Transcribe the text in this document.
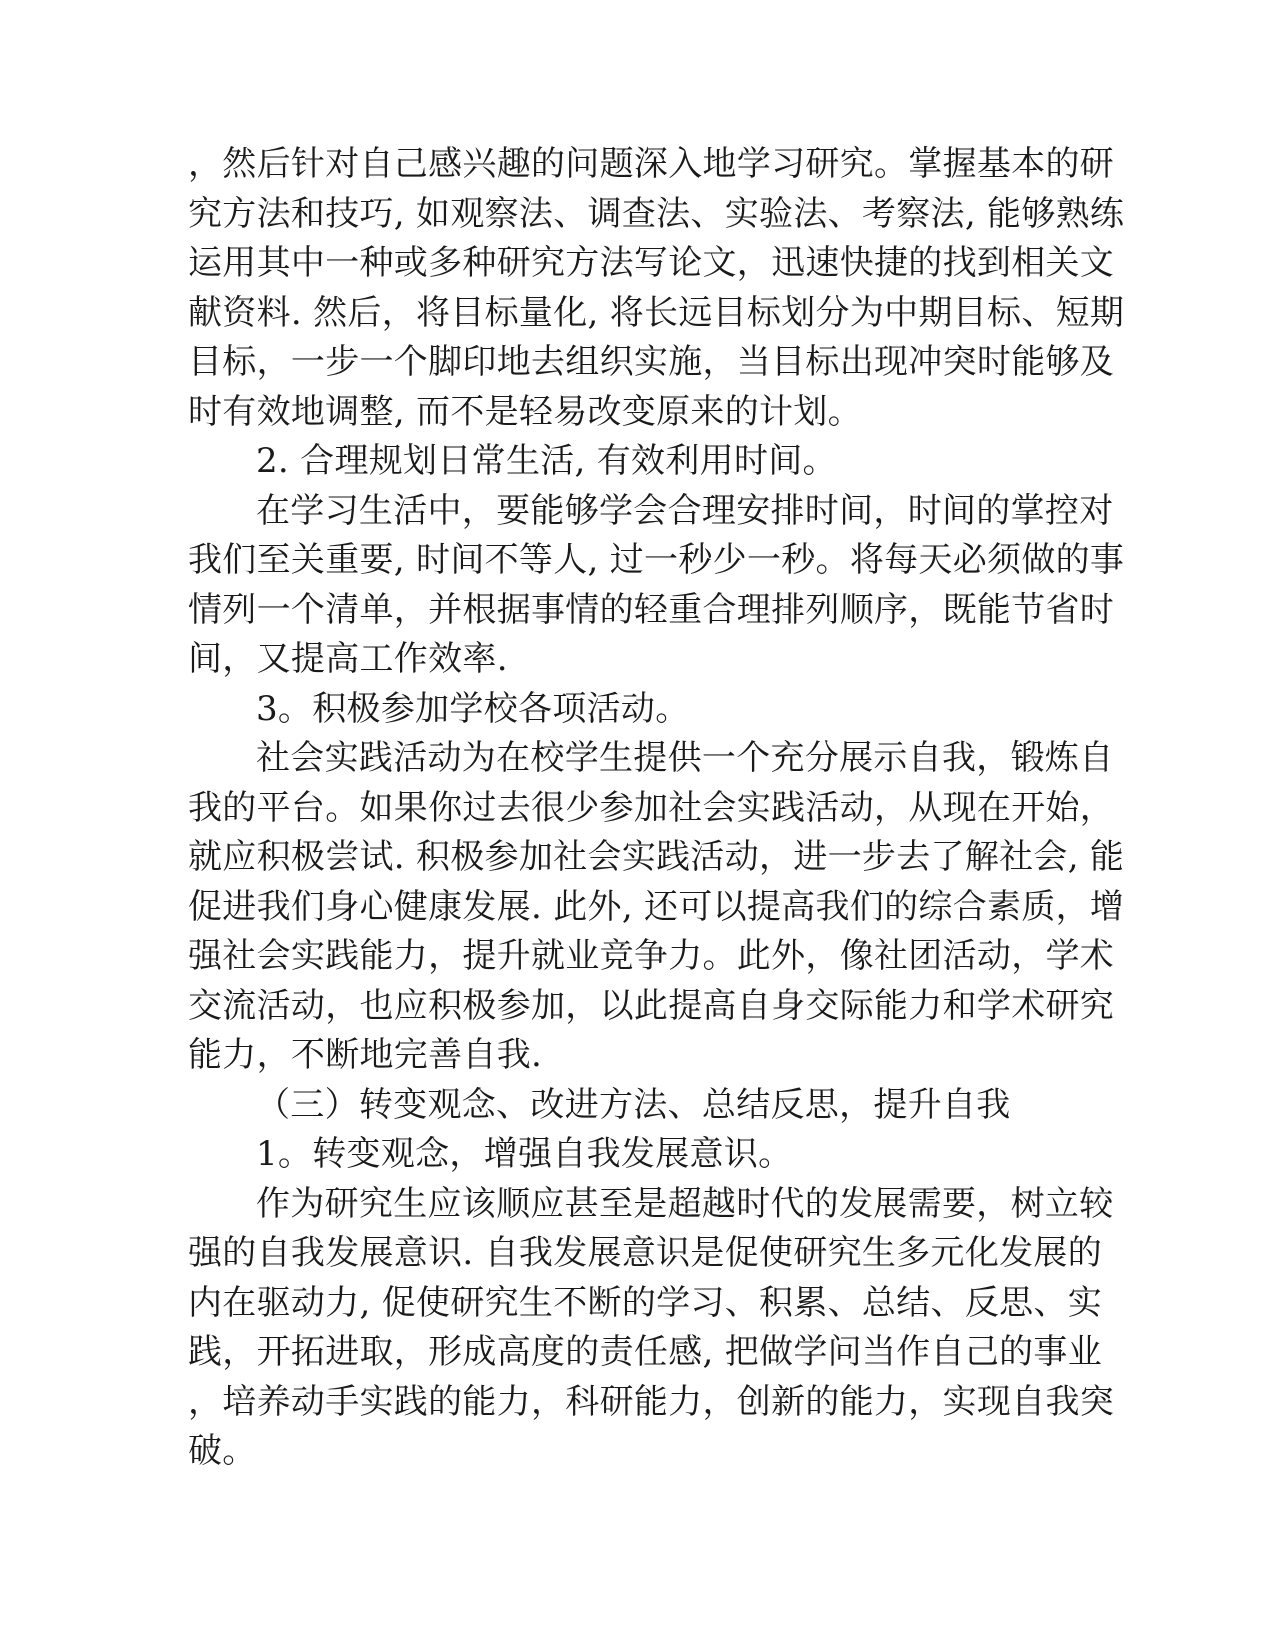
，然后针对自己感兴趣的问题深入地学习研究。掌握基本的研
究方法和技巧, 如观察法、调查法、实验法、考察法, 能够熟练
运用其中一种或多种研究方法写论文，迅速快捷的找到相关文
献资料. 然后，将目标量化, 将长远目标划分为中期目标、短期
目标，一步一个脚印地去组织实施，当目标出现冲突时能够及
时有效地调整, 而不是轻易改变原来的计划。
2. 合理规划日常生活, 有效利用时间。
在学习生活中，要能够学会合理安排时间，时间的掌控对
我们至关重要, 时间不等人, 过一秒少一秒。将每天必须做的事
情列一个清单，并根据事情的轻重合理排列顺序，既能节省时
间，又提高工作效率.
3。积极参加学校各项活动。
社会实践活动为在校学生提供一个充分展示自我，锻炼自
我的平台。如果你过去很少参加社会实践活动，从现在开始，
就应积极尝试. 积极参加社会实践活动，进一步去了解社会, 能
促进我们身心健康发展. 此外, 还可以提高我们的综合素质，增
强社会实践能力，提升就业竞争力。此外，像社团活动，学术
交流活动，也应积极参加，以此提高自身交际能力和学术研究
能力，不断地完善自我.
（三）转变观念、改进方法、总结反思，提升自我
1。转变观念，增强自我发展意识。
作为研究生应该顺应甚至是超越时代的发展需要，树立较
强的自我发展意识. 自我发展意识是促使研究生多元化发展的
内在驱动力, 促使研究生不断的学习、积累、总结、反思、实
践，开拓进取，形成高度的责任感, 把做学问当作自己的事业
，培养动手实践的能力，科研能力，创新的能力，实现自我突
破。
